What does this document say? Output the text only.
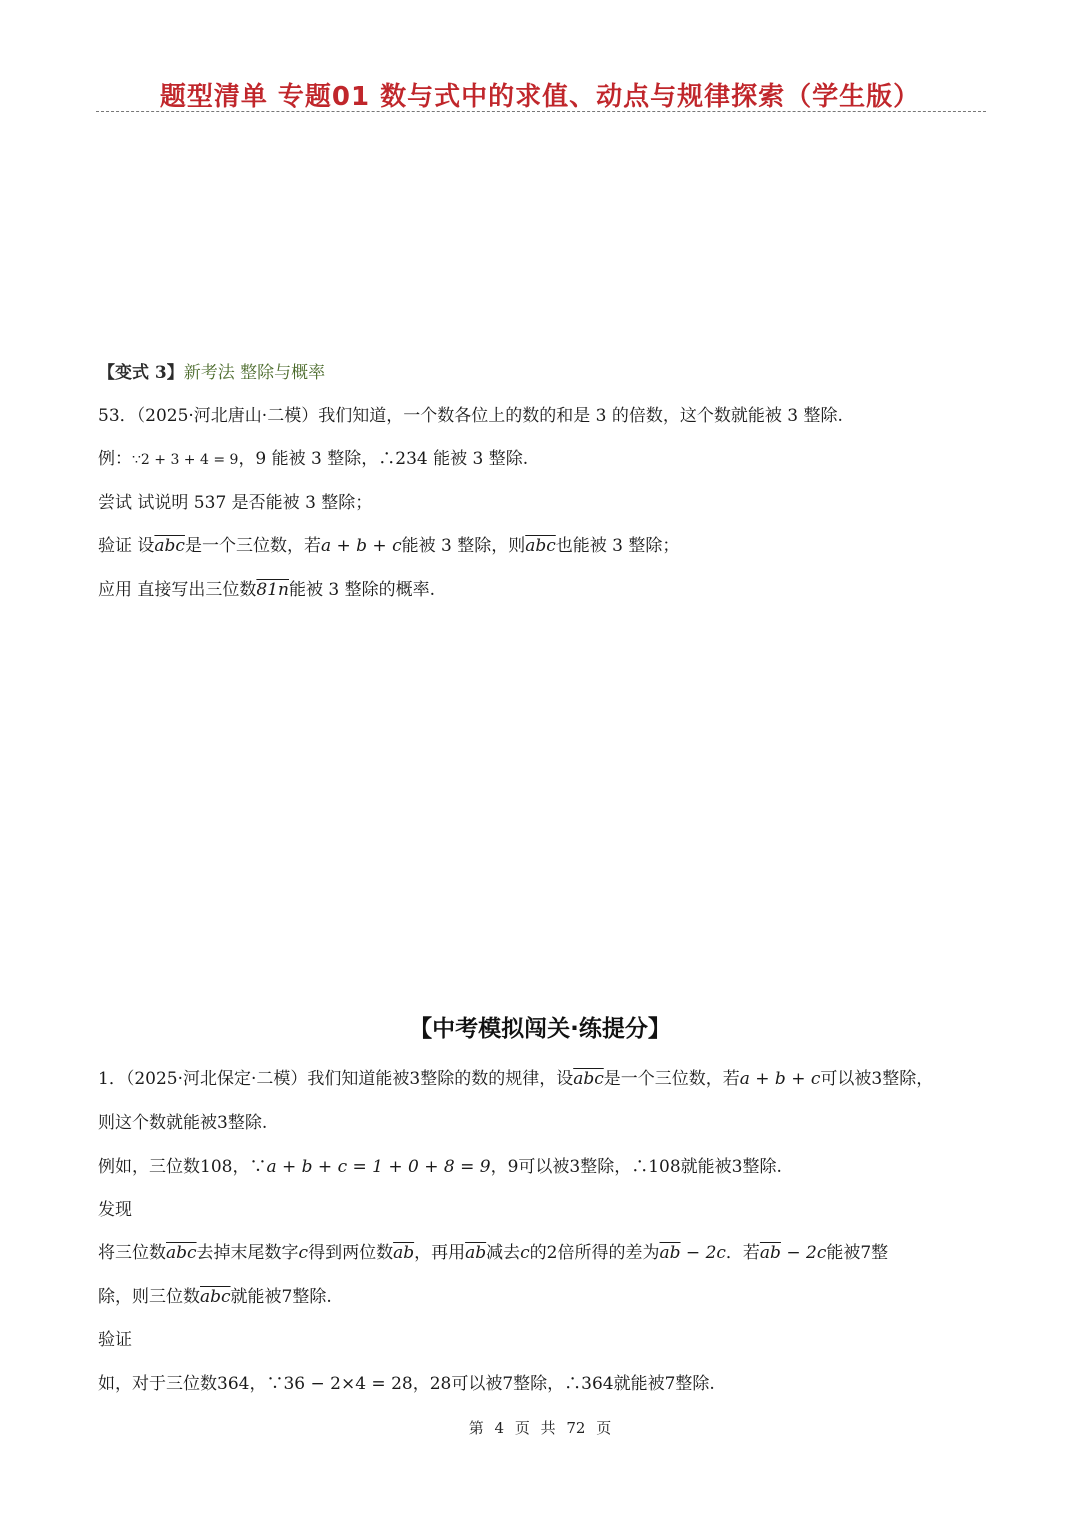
题型清单 专题01 数与式中的求值、动点与规律探索（学生版）
【变式 3】新考法 整除与概率
53．（2025·河北唐山·二模）我们知道，一个数各位上的数的和是 3 的倍数，这个数就能被 3 整除.
例：∵2 + 3 + 4 = 9，9 能被 3 整除，∴234 能被 3 整除.
尝试 试说明 537 是否能被 3 整除；
验证 设$\overline{abc}$是一个三位数，若a + b + c能被 3 整除，则$\overline{abc}$也能被 3 整除；
应用 直接写出三位数81n能被 3 整除的概率.
【中考模拟闯关·练提分】
1．（2025·河北保定·二模）我们知道能被3整除的数的规律，设$\overline{abc}$是一个三位数，若a + b + c可以被3整除，
则这个数就能被3整除.
例如，三位数108，∵a + b + c = 1 + 0 + 8 = 9，9可以被3整除，∴108就能被3整除.
发现
将三位数$\overline{abc}$去掉末尾数字c得到两位数$\overline{ab}$，再用$\overline{ab}$减去c的2倍所得的差为$\overline{ab} - 2c$．若$\overline{ab} - 2c$能被7整
除，则三位数$\overline{abc}$就能被7整除.
验证
如，对于三位数364，∵36 − 2×4 = 28，28可以被7整除，∴364就能被7整除.
第 4 页 共 72 页
